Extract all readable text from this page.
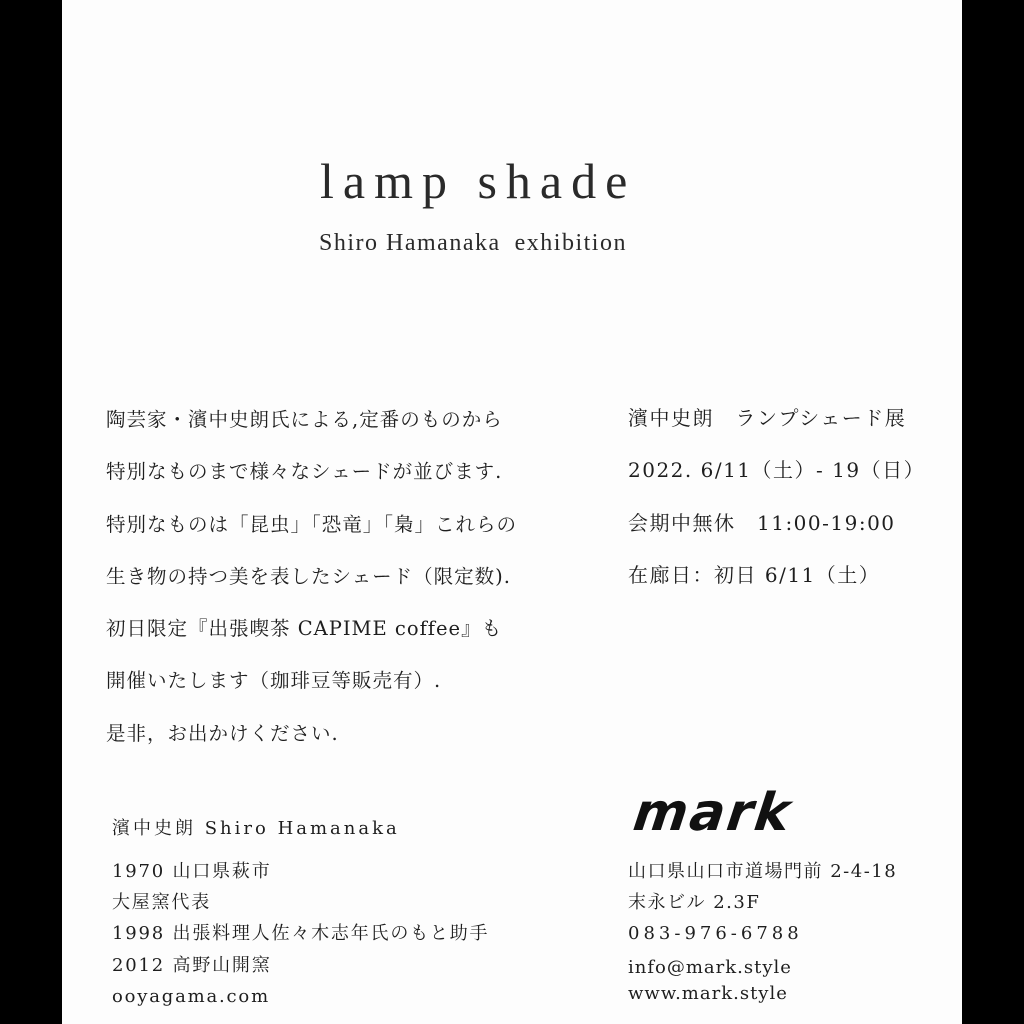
lamp shade
Shiro Hamanaka exhibition
陶芸家・濱中史朗氏による,定番のものから
特別なものまで様々なシェードが並びます.
特別なものは「昆虫」「恐竜」「梟」これらの
生き物の持つ美を表したシェード（限定数).
初日限定『出張喫茶 CAPIME coffee』も
開催いたします（珈琲豆等販売有）.
是非，お出かけください.
濱中史朗　ランプシェード展
2022. 6/11（土）- 19（日）
会期中無休　11:00-19:00
在廊日：初日 6/11（土）
濱中史朗 Shiro Hamanaka
1970 山口県萩市
大屋窯代表
1998 出張料理人佐々木志年氏のもと助手
2012 高野山開窯
ooyagama.com
mark
山口県山口市道場門前 2-4-18
末永ビル 2.3F
083-976-6788
info@mark.style
www.mark.style
